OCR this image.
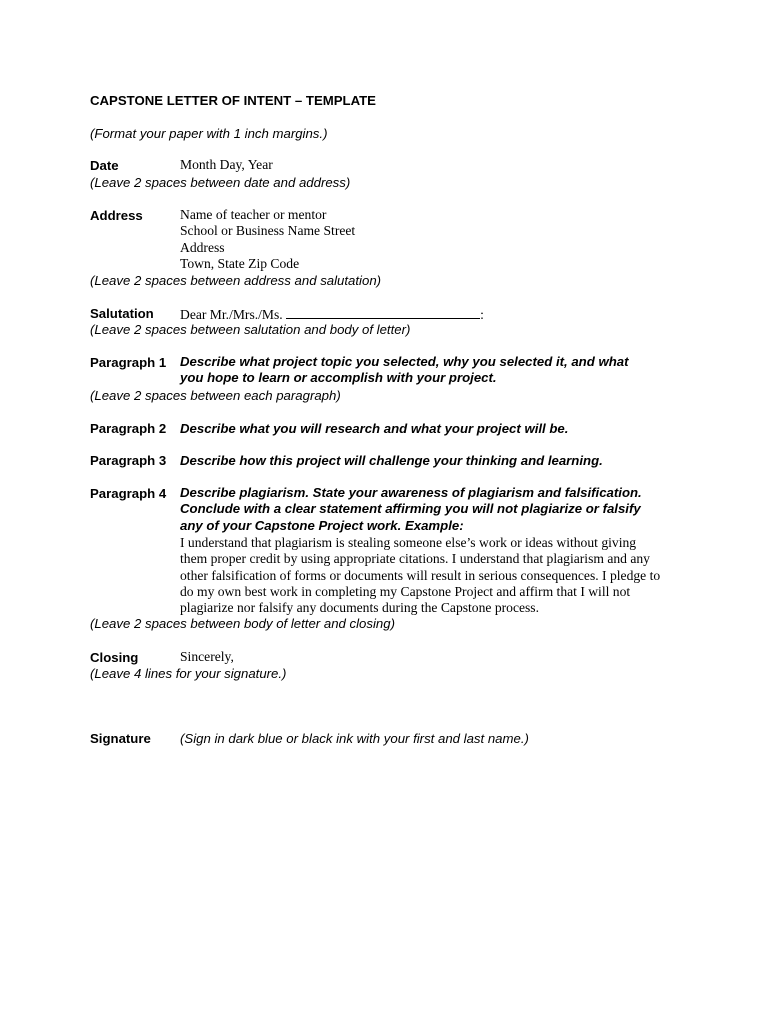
CAPSTONE LETTER OF INTENT – TEMPLATE
(Format your paper with 1 inch margins.)
Date	Month Day, Year
(Leave 2 spaces between date and address)
Address	Name of teacher or mentor
School or Business Name Street
Address
Town, State Zip Code
(Leave 2 spaces between address and salutation)
Salutation Dear Mr./Mrs./Ms.	:
(Leave 2 spaces between salutation and body of letter)
Paragraph 1 Describe what project topic you selected, why you selected it, and what
you hope to learn or accomplish with your project.
(Leave 2 spaces between each paragraph)
Paragraph 2 Describe what you will research and what your project will be.
Paragraph 3 Describe how this project will challenge your thinking and learning.
Paragraph 4 Describe plagiarism. State your awareness of plagiarism and falsification.
Conclude with a clear statement affirming you will not plagiarize or falsify
any of your Capstone Project work. Example:
I understand that plagiarism is stealing someone else’s work or ideas without giving
them proper credit by using appropriate citations. I understand that plagiarism and any
other falsification of forms or documents will result in serious consequences. I pledge to
do my own best work in completing my Capstone Project and affirm that I will not
plagiarize nor falsify any documents during the Capstone process.
(Leave 2 spaces between body of letter and closing)
Closing	Sincerely,
(Leave 4 lines for your signature.)
Signature (Sign in dark blue or black ink with your first and last name.)
